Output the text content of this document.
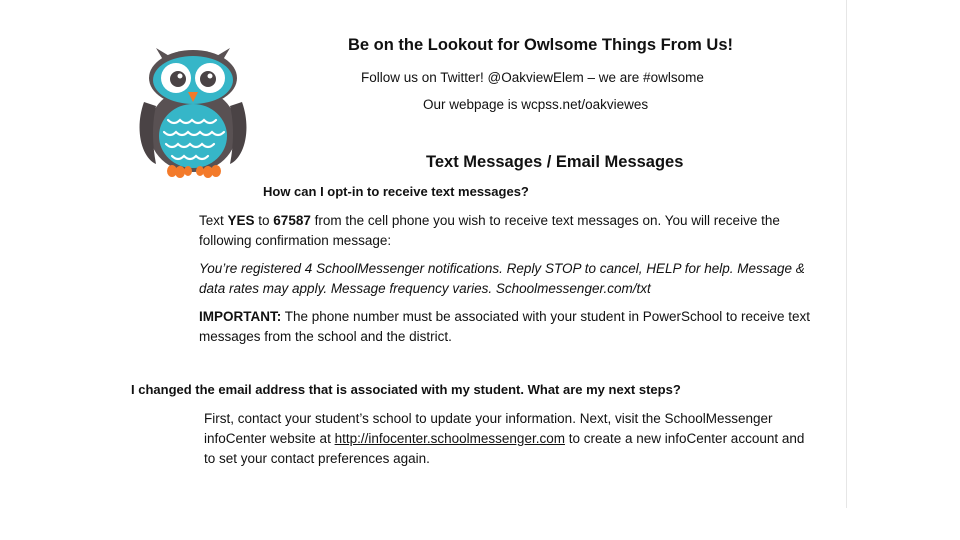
Be on the Lookout for Owlsome Things From Us!
Follow us on Twitter! @OakviewElem – we are #owlsome
Our webpage is wcpss.net/oakviewes
Text Messages / Email Messages
How can I opt-in to receive text messages?

Text YES to 67587 from the cell phone you wish to receive text messages on. You will receive the following confirmation message:

You’re registered 4 SchoolMessenger notifications. Reply STOP to cancel, HELP for help. Message & data rates may apply. Message frequency varies. Schoolmessenger.com/txt

IMPORTANT: The phone number must be associated with your student in PowerSchool to receive text messages from the school and the district.

I changed the email address that is associated with my student. What are my next steps?

First, contact your student’s school to update your information. Next, visit the SchoolMessenger infoCenter website at http://infocenter.schoolmessenger.com to create a new infoCenter account and to set your contact preferences again.
